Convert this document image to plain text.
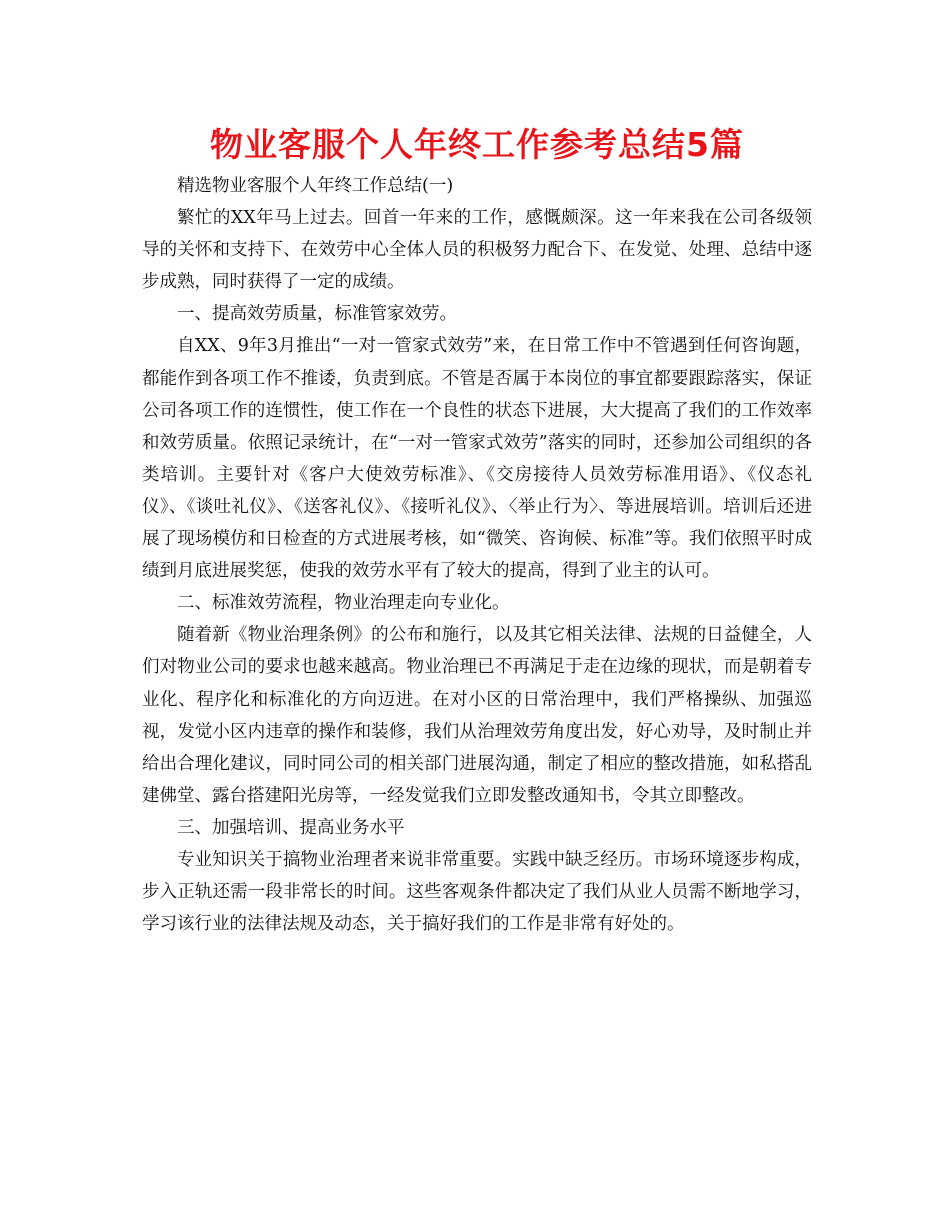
物业客服个人年终工作参考总结5篇

精选物业客服个人年终工作总结(一)

繁忙的XX年马上过去。回首一年来的工作，感慨颇深。这一年来我在公司各级领导的关怀和支持下、在效劳中心全体人员的积极努力配合下、在发觉、处理、总结中逐步成熟，同时获得了一定的成绩。

一、提高效劳质量，标准管家效劳。

自XX、9年3月推出“一对一管家式效劳”来，在日常工作中不管遇到任何咨询题，都能作到各项工作不推诿，负责到底。不管是否属于本岗位的事宜都要跟踪落实，保证公司各项工作的连惯性，使工作在一个良性的状态下进展，大大提高了我们的工作效率和效劳质量。依照记录统计，在“一对一管家式效劳”落实的同时，还参加公司组织的各类培训。主要针对《客户大使效劳标准》、《交房接待人员效劳标准用语》、《仪态礼仪》、《谈吐礼仪》、《送客礼仪》、《接听礼仪》、〈举止行为〉、等进展培训。培训后还进展了现场模仿和日检查的方式进展考核，如“微笑、咨询候、标准”等。我们依照平时成绩到月底进展奖惩，使我的效劳水平有了较大的提高，得到了业主的认可。

二、标准效劳流程，物业治理走向专业化。

随着新《物业治理条例》的公布和施行，以及其它相关法律、法规的日益健全，人们对物业公司的要求也越来越高。物业治理已不再满足于走在边缘的现状，而是朝着专业化、程序化和标准化的方向迈进。在对小区的日常治理中，我们严格操纵、加强巡视，发觉小区内违章的操作和装修，我们从治理效劳角度出发，好心劝导，及时制止并给出合理化建议，同时同公司的相关部门进展沟通，制定了相应的整改措施，如私搭乱建佛堂、露台搭建阳光房等，一经发觉我们立即发整改通知书，令其立即整改。

三、加强培训、提高业务水平

专业知识关于搞物业治理者来说非常重要。实践中缺乏经历。市场环境逐步构成，步入正轨还需一段非常长的时间。这些客观条件都决定了我们从业人员需不断地学习，学习该行业的法律法规及动态，关于搞好我们的工作是非常有好处的。
